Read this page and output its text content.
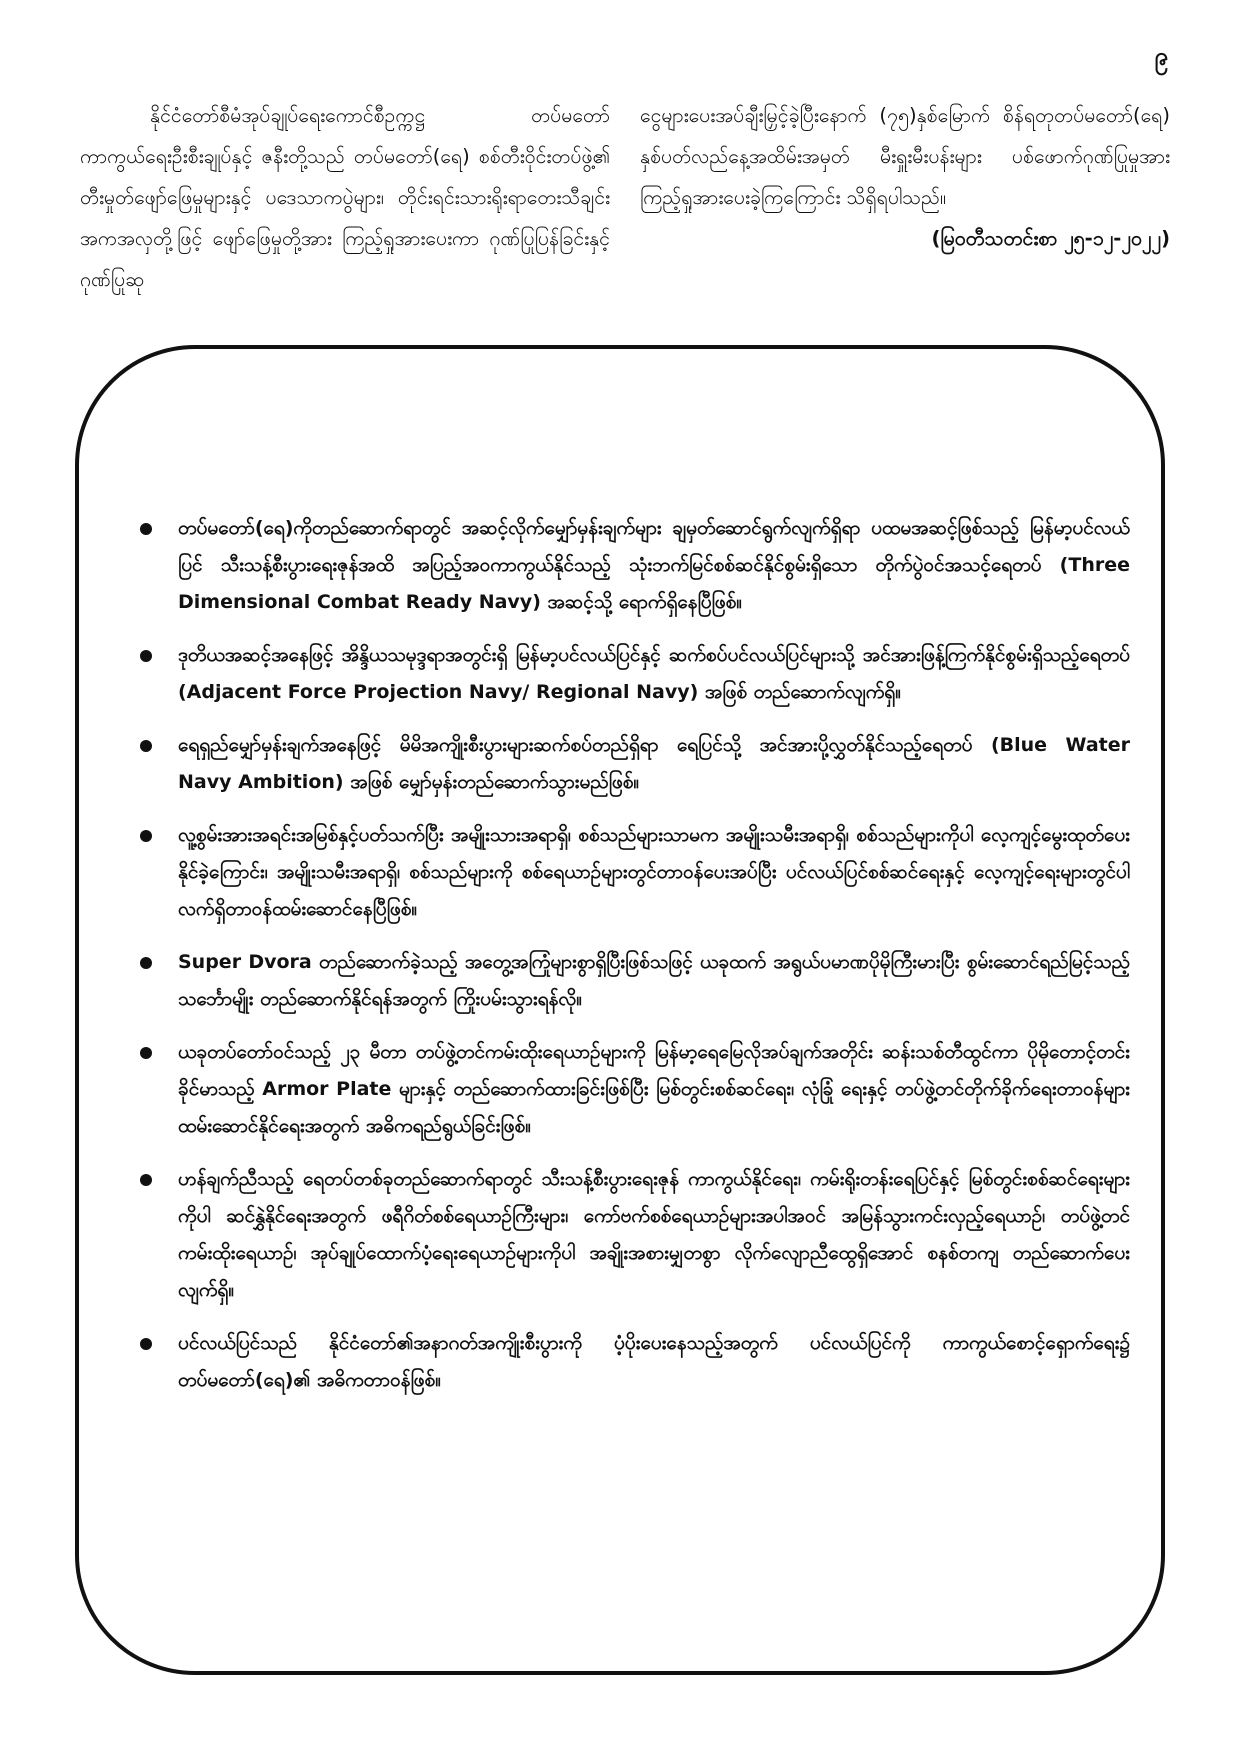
၉

နိုင်ငံတော်စီမံအုပ်ချုပ်ရေးကောင်စီဥက္ကဋ္ဌ တပ်မတော်ကာကွယ်ရေးဦးစီးချုပ်နှင့် ဇနီးတို့သည် တပ်မတော်(ရေ) စစ်တီးဝိုင်းတပ်ဖွဲ့၏ တီးမှုတ်ဖျော်ဖြေမှုများနှင့် ပဒေသာကပွဲများ၊ တိုင်းရင်းသားရိုးရာတေးသီချင်းအကအလှတို့ဖြင့် ဖျော်ဖြေမှုတို့အား ကြည့်ရှုအားပေးကာ ဂုဏ်ပြုပြန်ခြင်းနှင့် ဂုဏ်ပြုဆု

ငွေများပေးအပ်ချီးမြှင့်ခဲ့ပြီးနောက် (၇၅)နှစ်မြောက် စိန်ရတုတပ်မတော်(ရေ) နှစ်ပတ်လည်နေ့အထိမ်းအမှတ် မီးရှူးမီးပန်းများ ပစ်ဖောက်ဂုဏ်ပြုမှုအား ကြည့်ရှုအားပေးခဲ့ကြကြောင်း သိရှိရပါသည်။

(မြဝတီသတင်းစာ ၂၅-၁၂-၂၀၂၂)

တပ်မတော်(ရေ)ကိုတည်ဆောက်ရာတွင် အဆင့်လိုက်မျှော်မှန်းချက်များ ချမှတ်ဆောင်ရွက်လျက်ရှိရာ ပထမအဆင့်ဖြစ်သည့် မြန်မာ့ပင်လယ်ပြင် သီးသန့်စီးပွားရေးဇုန်အထိ အပြည့်အဝကာကွယ်နိုင်သည့် သုံးဘက်မြင်စစ်ဆင်နိုင်စွမ်းရှိသော တိုက်ပွဲဝင်အသင့်ရေတပ် (Three Dimensional Combat Ready Navy) အဆင့်သို့ ရောက်ရှိနေပြီဖြစ်။
ဒုတိယအဆင့်အနေဖြင့် အိန္ဒိယသမုဒ္ဒရာအတွင်းရှိ မြန်မာ့ပင်လယ်ပြင်နှင့် ဆက်စပ်ပင်လယ်ပြင်များသို့ အင်အားဖြန့်ကြက်နိုင်စွမ်းရှိသည့်ရေတပ် (Adjacent Force Projection Navy/ Regional Navy) အဖြစ် တည်ဆောက်လျက်ရှိ။
ရေရှည်မျှော်မှန်းချက်အနေဖြင့် မိမိအကျိုးစီးပွားများဆက်စပ်တည်ရှိရာ ရေပြင်သို့ အင်အားပို့လွှတ်နိုင်သည့်ရေတပ် (Blue Water Navy Ambition) အဖြစ် မျှော်မှန်းတည်ဆောက်သွားမည်ဖြစ်။
လူ့စွမ်းအားအရင်းအမြစ်နှင့်ပတ်သက်ပြီး အမျိုးသားအရာရှိ၊ စစ်သည်များသာမက အမျိုးသမီးအရာရှိ၊ စစ်သည်များကိုပါ လေ့ကျင့်မွေးထုတ်ပေးနိုင်ခဲ့ကြောင်း၊ အမျိုးသမီးအရာရှိ၊ စစ်သည်များကို စစ်ရေယာဉ်များတွင်တာဝန်ပေးအပ်ပြီး ပင်လယ်ပြင်စစ်ဆင်ရေးနှင့် လေ့ကျင့်ရေးများတွင်ပါ လက်ရှိတာဝန်ထမ်းဆောင်နေပြီဖြစ်။
Super Dvora တည်ဆောက်ခဲ့သည့် အတွေ့အကြုံများစွာရှိပြီးဖြစ်သဖြင့် ယခုထက် အရွယ်ပမာဏပိုမိုကြီးမားပြီး စွမ်းဆောင်ရည်မြင့်သည့်သင်္ဘောမျိုး တည်ဆောက်နိုင်ရန်အတွက် ကြိုးပမ်းသွားရန်လို။
ယခုတပ်တော်ဝင်သည့် ၂၃ မီတာ တပ်ဖွဲ့တင်ကမ်းထိုးရေယာဉ်များကို မြန်မာ့ရေမြေလိုအပ်ချက်အတိုင်း ဆန်းသစ်တီထွင်ကာ ပိုမိုတောင့်တင်းခိုင်မာသည့် Armor Plate များနှင့် တည်ဆောက်ထားခြင်းဖြစ်ပြီး မြစ်တွင်းစစ်ဆင်ရေး၊ လုံခြုံ ရေးနှင့် တပ်ဖွဲ့တင်တိုက်ခိုက်ရေးတာဝန်များ ထမ်းဆောင်နိုင်ရေးအတွက် အဓိကရည်ရွယ်ခြင်းဖြစ်။
ဟန်ချက်ညီသည့် ရေတပ်တစ်ခုတည်ဆောက်ရာတွင် သီးသန့်စီးပွားရေးဇုန် ကာကွယ်နိုင်ရေး၊ ကမ်းရိုးတန်းရေပြင်နှင့် မြစ်တွင်းစစ်ဆင်ရေးများကိုပါ ဆင်နွှဲနိုင်ရေးအတွက် ဖရီဂိတ်စစ်ရေယာဉ်ကြီးများ၊ ကော်ဗက်စစ်ရေယာဉ်များအပါအဝင် အမြန်သွားကင်းလှည့်ရေယာဉ်၊ တပ်ဖွဲ့တင်ကမ်းထိုးရေယာဉ်၊ အုပ်ချုပ်ထောက်ပံ့ရေးရေယာဉ်များကိုပါ အချိုးအစားမျှတစွာ လိုက်လျောညီထွေရှိအောင် စနစ်တကျ တည်ဆောက်ပေးလျက်ရှိ။
ပင်လယ်ပြင်သည် နိုင်ငံတော်၏အနာဂတ်အကျိုးစီးပွားကို ပံ့ပိုးပေးနေသည့်အတွက် ပင်လယ်ပြင်ကို ကာကွယ်စောင့်ရှောက်ရေး၌ တပ်မတော်(ရေ)၏ အဓိကတာဝန်ဖြစ်။
